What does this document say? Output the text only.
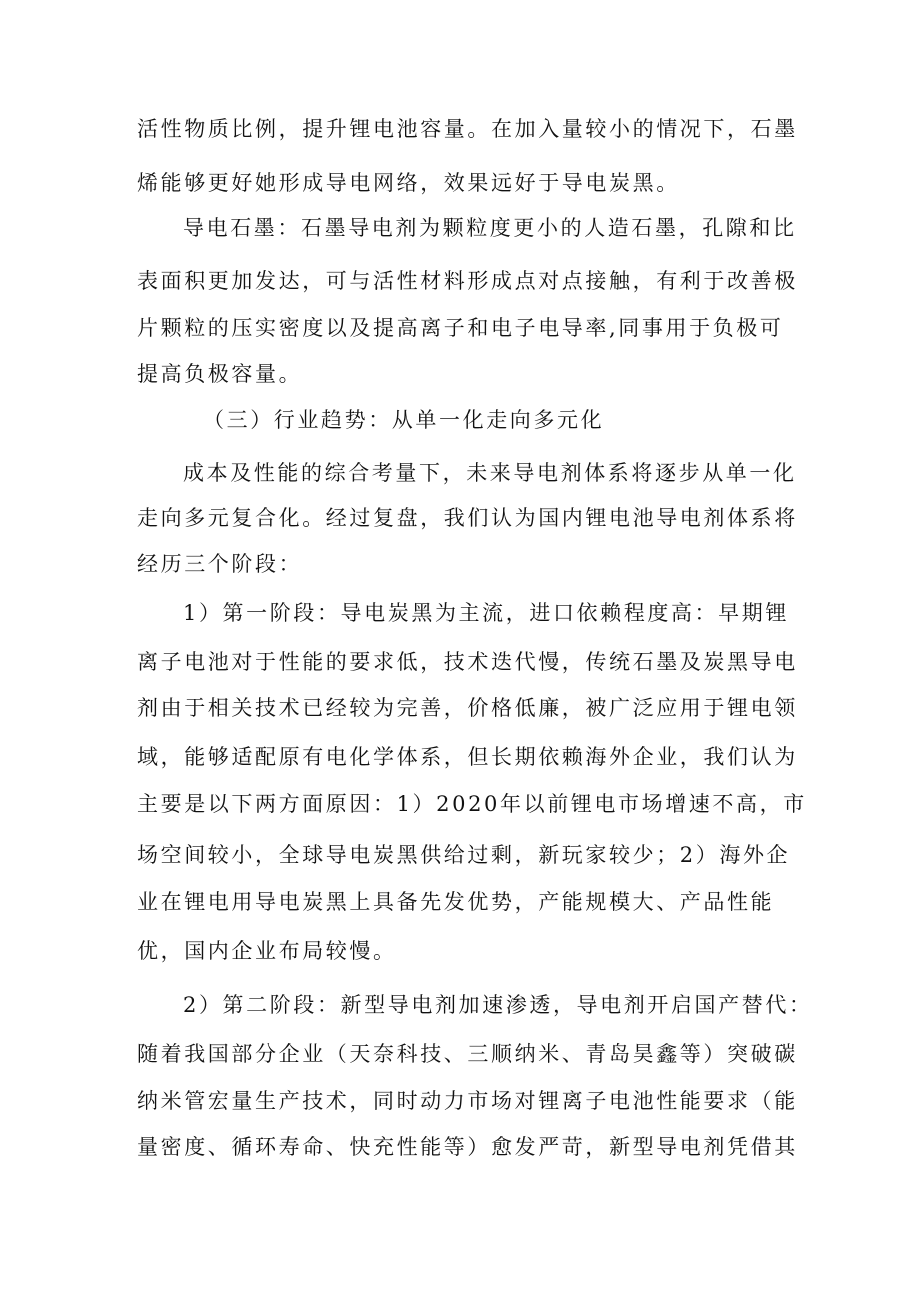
活性物质比例，提升锂电池容量。在加入量较小的情况下，石墨
烯能够更好她形成导电网络，效果远好于导电炭黑。
导电石墨：石墨导电剂为颗粒度更小的人造石墨，孔隙和比
表面积更加发达，可与活性材料形成点对点接触，有利于改善极
片颗粒的压实密度以及提高离子和电子电导率,同事用于负极可
提高负极容量。
（三）行业趋势：从单一化走向多元化
成本及性能的综合考量下，未来导电剂体系将逐步从单一化
走向多元复合化。经过复盘，我们认为国内锂电池导电剂体系将
经历三个阶段：
1）第一阶段：导电炭黑为主流，进口依赖程度高：早期锂
离子电池对于性能的要求低，技术迭代慢，传统石墨及炭黑导电
剂由于相关技术已经较为完善，价格低廉，被广泛应用于锂电领
域，能够适配原有电化学体系，但长期依赖海外企业，我们认为
主要是以下两方面原因：1）2020年以前锂电市场增速不高，市
场空间较小，全球导电炭黑供给过剩，新玩家较少；2）海外企
业在锂电用导电炭黑上具备先发优势，产能规模大、产品性能
优，国内企业布局较慢。
2）第二阶段：新型导电剂加速渗透，导电剂开启国产替代：
随着我国部分企业（天奈科技、三顺纳米、青岛昊鑫等）突破碳
纳米管宏量生产技术，同时动力市场对锂离子电池性能要求（能
量密度、循环寿命、快充性能等）愈发严苛，新型导电剂凭借其
